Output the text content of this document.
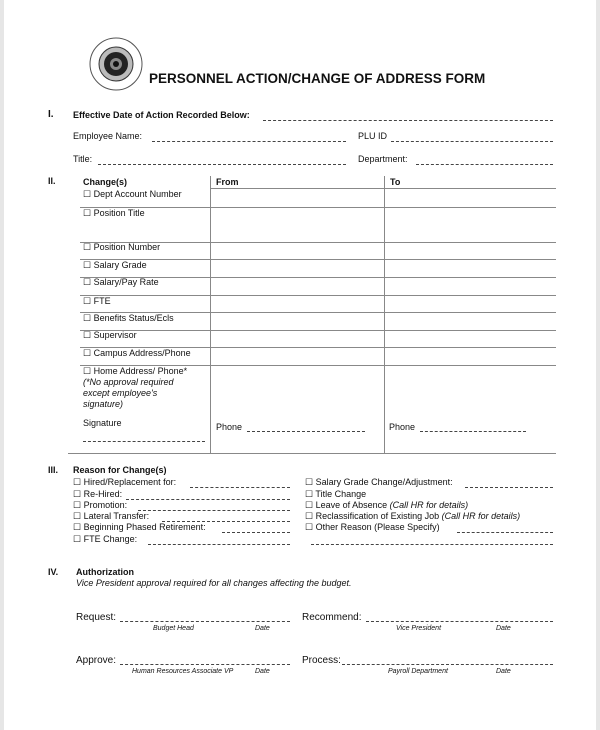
PERSONNEL ACTION/CHANGE OF ADDRESS FORM
I. Effective Date of Action Recorded Below:
Employee Name:	PLU ID
Title:	Department:
II.	Change(s)	From	To
☐ Dept Account Number
☐ Position Title
☐ Position Number
☐ Salary Grade
☐ Salary/Pay Rate
☐ FTE
☐ Benefits Status/Ecls
☐ Supervisor
☐ Campus Address/Phone
☐ Home Address/ Phone*
(*No approval required
except employee's
signature)
Signature	Phone	Phone
III. Reason for Change(s)
☐ Hired/Replacement for:
☐ Re-Hired:
☐ Promotion:
☐ Lateral Transfer:
☐ Beginning Phased Retirement:
☐ FTE Change:
☐ Salary Grade Change/Adjustment:
☐ Title Change
☐ Leave of Absence (Call HR for details)
☐ Reclassification of Existing Job (Call HR for details)
☐ Other Reason (Please Specify)
IV. Authorization
Vice President approval required for all changes affecting the budget.
Request:
Budget Head	Date
Recommend:
Vice President	Date
Approve:
Human Resources Associate VP	Date
Process:
Payroll Department	Date
